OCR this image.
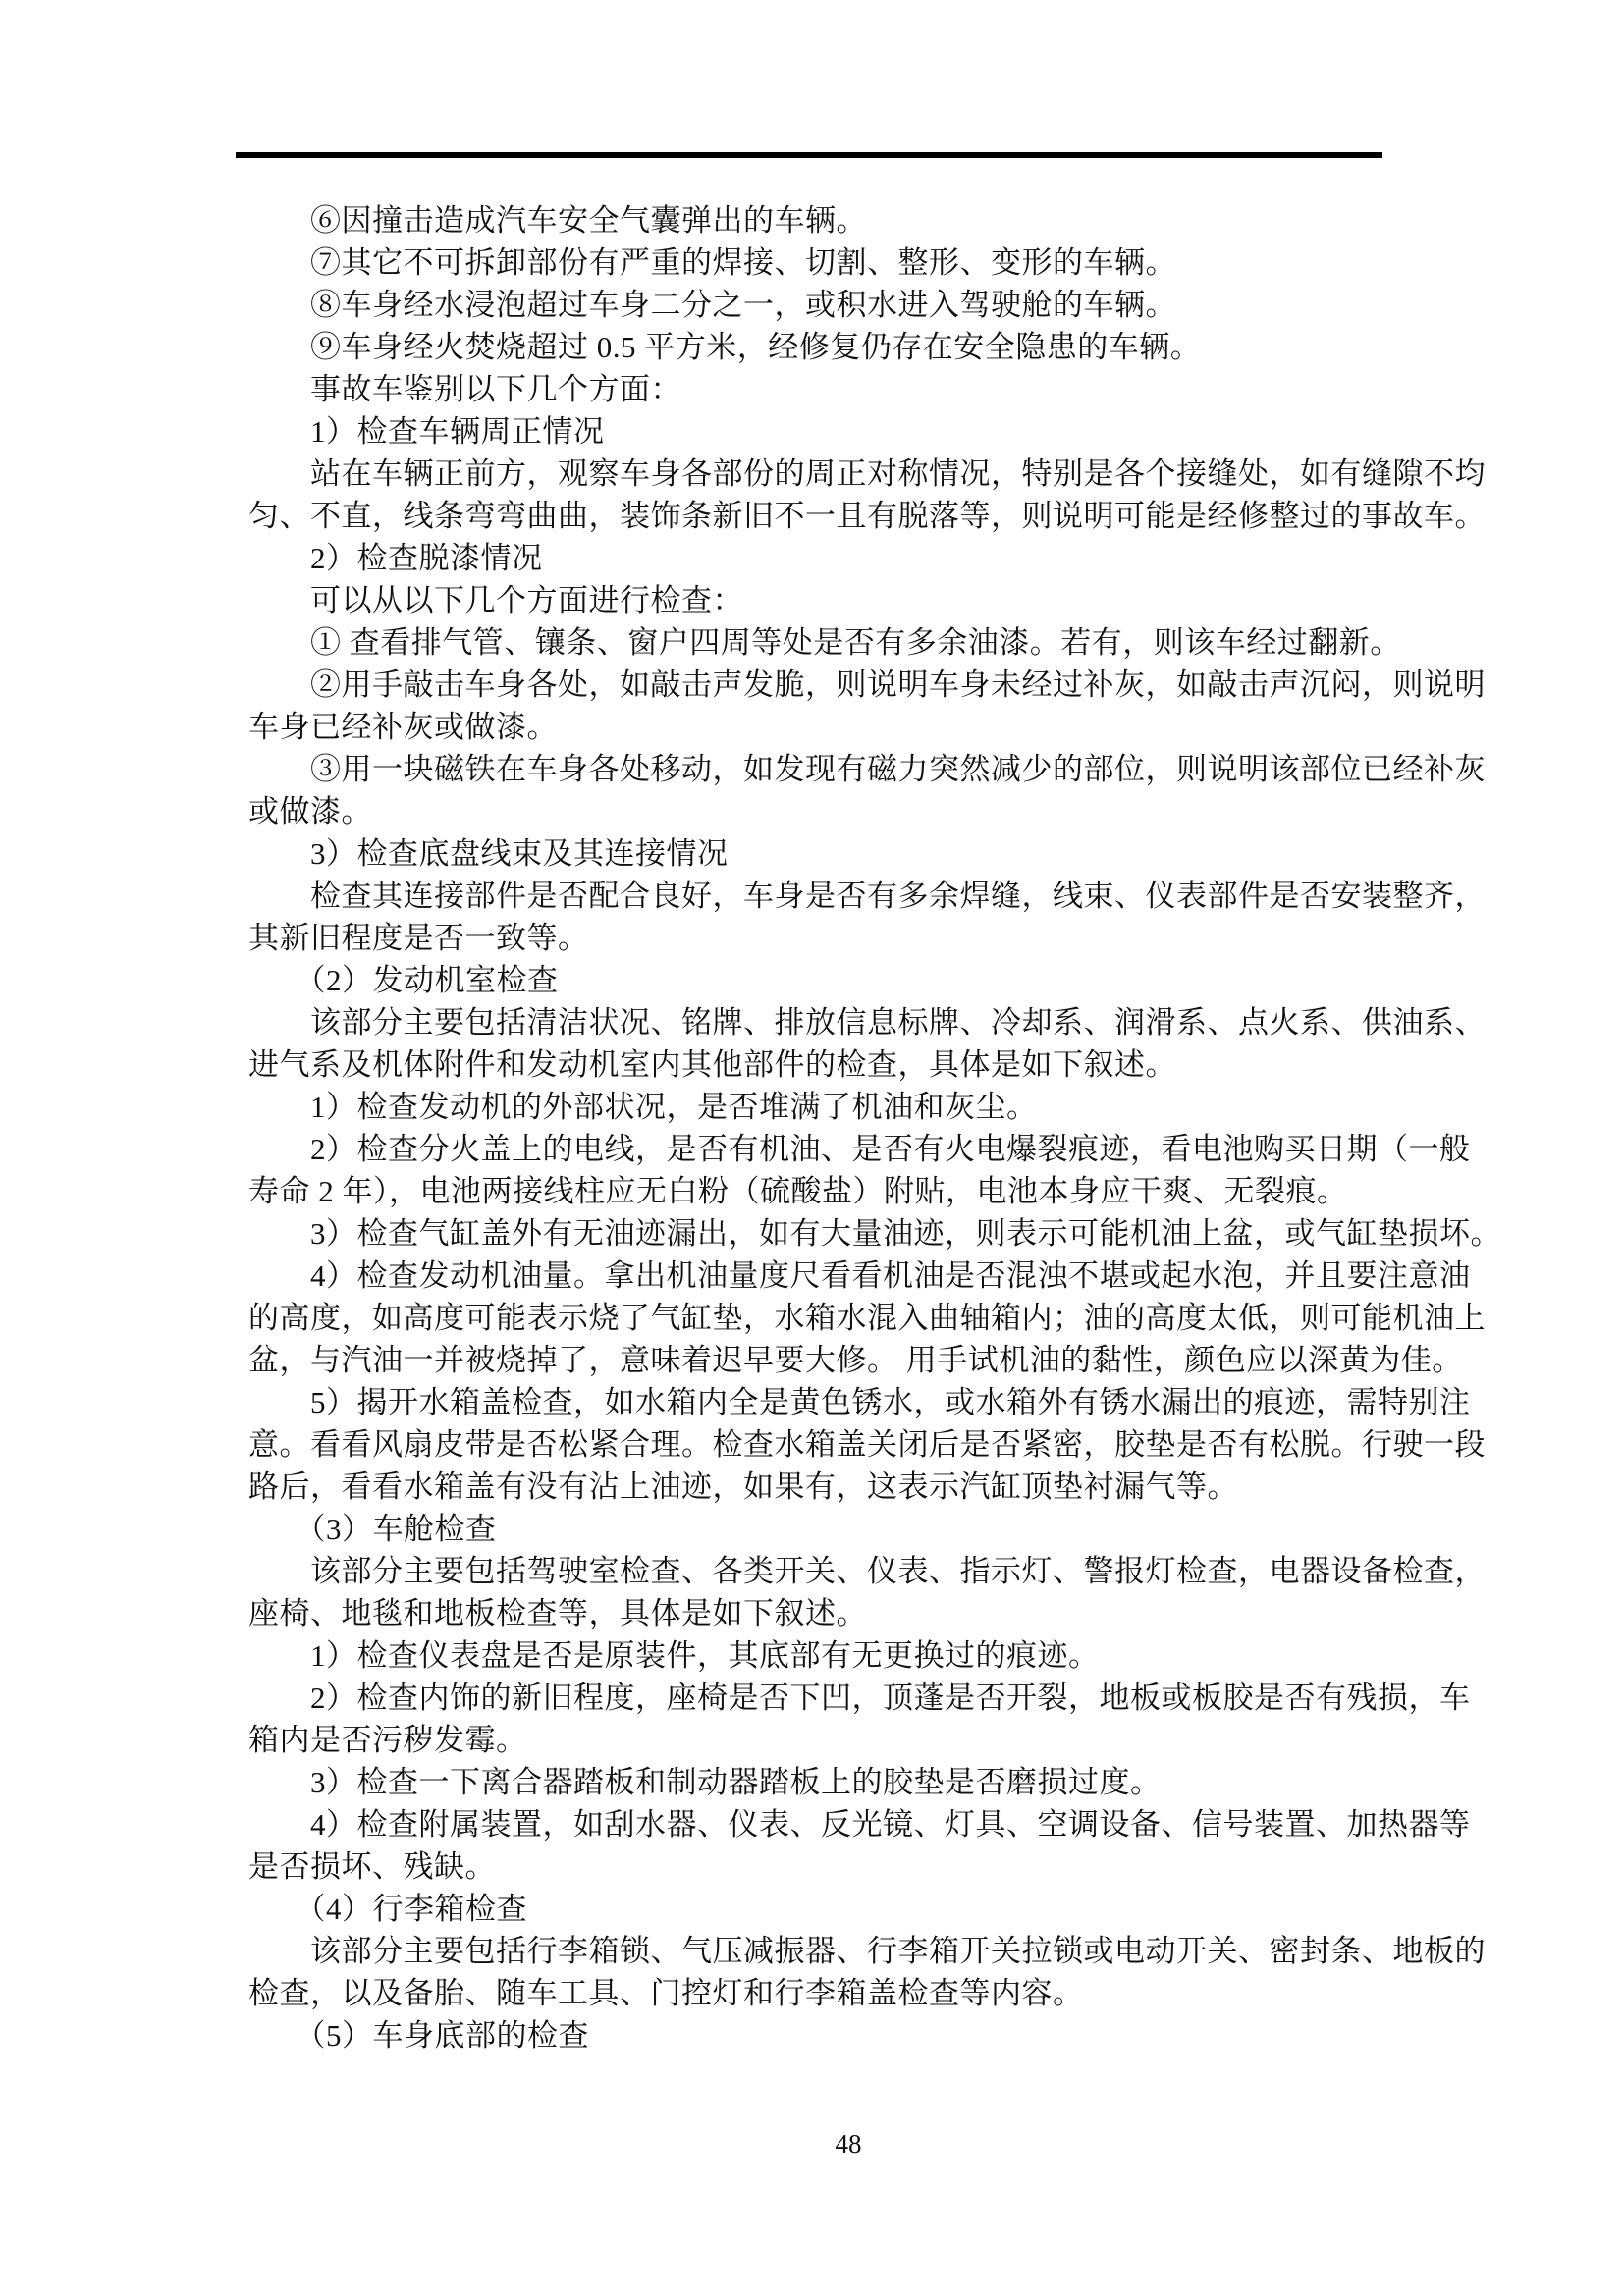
　　⑥因撞击造成汽车安全气囊弹出的车辆。
　　⑦其它不可拆卸部份有严重的焊接、切割、整形、变形的车辆。
　　⑧车身经水浸泡超过车身二分之一，或积水进入驾驶舱的车辆。
　　⑨车身经火焚烧超过 0.5 平方米，经修复仍存在安全隐患的车辆。
　　事故车鉴别以下几个方面：
　　1）检查车辆周正情况
　　站在车辆正前方，观察车身各部份的周正对称情况，特别是各个接缝处，如有缝隙不均
匀、不直，线条弯弯曲曲，装饰条新旧不一且有脱落等，则说明可能是经修整过的事故车。
　　2）检查脱漆情况
　　可以从以下几个方面进行检查：
　　① 查看排气管、镶条、窗户四周等处是否有多余油漆。若有，则该车经过翻新。
　　②用手敲击车身各处，如敲击声发脆，则说明车身未经过补灰，如敲击声沉闷，则说明
车身已经补灰或做漆。
　　③用一块磁铁在车身各处移动，如发现有磁力突然减少的部位，则说明该部位已经补灰
或做漆。
　　3）检查底盘线束及其连接情况
　　检查其连接部件是否配合良好，车身是否有多余焊缝，线束、仪表部件是否安装整齐，
其新旧程度是否一致等。
　　（2）发动机室检查
　　该部分主要包括清洁状况、铭牌、排放信息标牌、冷却系、润滑系、点火系、供油系、
进气系及机体附件和发动机室内其他部件的检查，具体是如下叙述。
　　1）检查发动机的外部状况，是否堆满了机油和灰尘。
　　2）检查分火盖上的电线，是否有机油、是否有火电爆裂痕迹，看电池购买日期（一般
寿命 2 年），电池两接线柱应无白粉（硫酸盐）附贴，电池本身应干爽、无裂痕。
　　3）检查气缸盖外有无油迹漏出，如有大量油迹，则表示可能机油上盆，或气缸垫损坏。
　　4）检查发动机油量。拿出机油量度尺看看机油是否混浊不堪或起水泡，并且要注意油
的高度，如高度可能表示烧了气缸垫，水箱水混入曲轴箱内；油的高度太低，则可能机油上
盆，与汽油一并被烧掉了，意味着迟早要大修。 用手试机油的黏性，颜色应以深黄为佳。
　　5）揭开水箱盖检查，如水箱内全是黄色锈水，或水箱外有锈水漏出的痕迹，需特别注
意。看看风扇皮带是否松紧合理。检查水箱盖关闭后是否紧密，胶垫是否有松脱。行驶一段
路后，看看水箱盖有没有沾上油迹，如果有，这表示汽缸顶垫衬漏气等。
　　（3）车舱检查
　　该部分主要包括驾驶室检查、各类开关、仪表、指示灯、警报灯检查，电器设备检查，
座椅、地毯和地板检查等，具体是如下叙述。
　　1）检查仪表盘是否是原装件，其底部有无更换过的痕迹。
　　2）检查内饰的新旧程度，座椅是否下凹，顶蓬是否开裂，地板或板胶是否有残损，车
箱内是否污秽发霉。
　　3）检查一下离合器踏板和制动器踏板上的胶垫是否磨损过度。
　　4）检查附属装置，如刮水器、仪表、反光镜、灯具、空调设备、信号装置、加热器等
是否损坏、残缺。
　　（4）行李箱检查
　　该部分主要包括行李箱锁、气压减振器、行李箱开关拉锁或电动开关、密封条、地板的
检查，以及备胎、随车工具、门控灯和行李箱盖检查等内容。
　　（5）车身底部的检查
48
